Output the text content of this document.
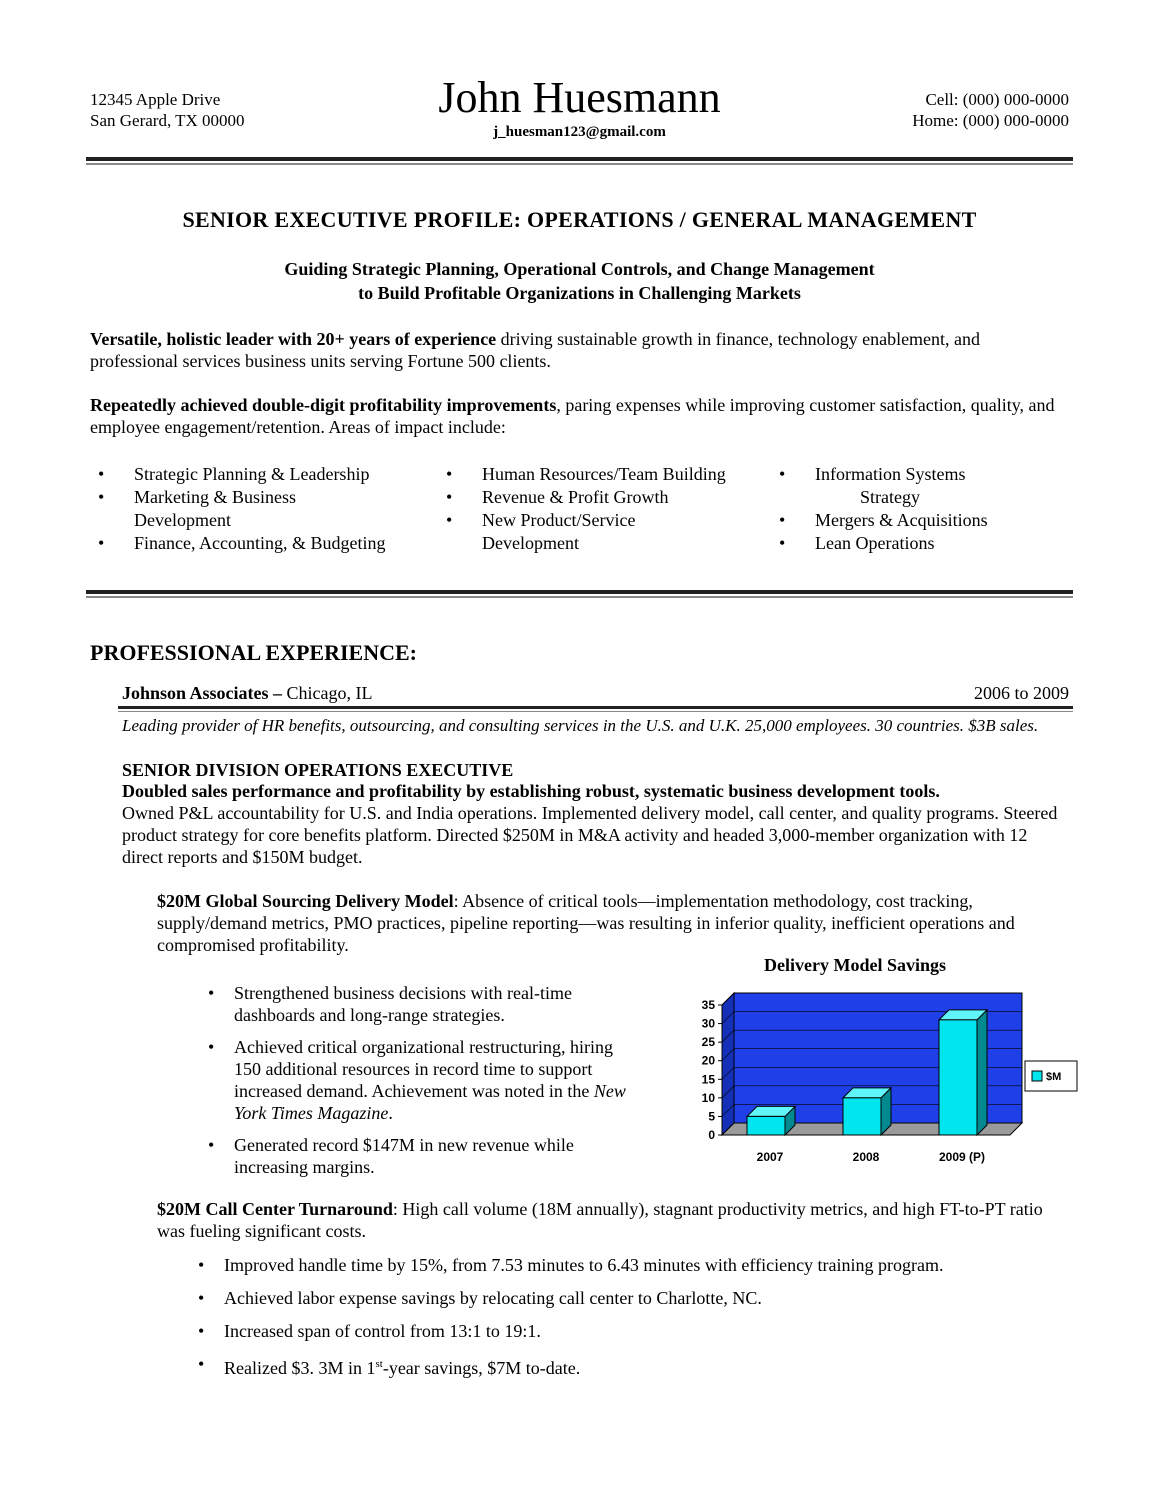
12345 Apple Drive
San Gerard, TX 00000	John Huesmann
j_huesman123@gmail.com
Cell: (000) 000-0000
Home: (000) 000-0000
SENIOR EXECUTIVE PROFILE: OPERATIONS / GENERAL MANAGEMENT
Guiding Strategic Planning, Operational Controls, and Change Management
to Build Profitable Organizations in Challenging Markets
Versatile, holistic leader with 20+ years of experience driving sustainable growth in finance, technology enablement, and professional services business units serving Fortune 500 clients.
Repeatedly achieved double-digit profitability improvements, paring expenses while improving customer satisfaction, quality, and employee engagement/retention. Areas of impact include:
• Strategic Planning & Leadership
• Marketing & Business Development
• Finance, Accounting, & Budgeting
• Human Resources/Team Building
• Revenue & Profit Growth
• New Product/Service Development
• Information Systems
Strategy
• Mergers & Acquisitions
• Lean Operations
PROFESSIONAL EXPERIENCE:
Johnson Associates – Chicago, IL	2006 to 2009
Leading provider of HR benefits, outsourcing, and consulting services in the U.S. and U.K. 25,000 employees. 30 countries. $3B sales.
SENIOR DIVISION OPERATIONS EXECUTIVE
Doubled sales performance and profitability by establishing robust, systematic business development tools.
Owned P&L accountability for U.S. and India operations. Implemented delivery model, call center, and quality programs. Steered product strategy for core benefits platform. Directed $250M in M&A activity and headed 3,000-member organization with 12 direct reports and $150M budget.
$20M Global Sourcing Delivery Model: Absence of critical tools—implementation methodology, cost tracking, supply/demand metrics, PMO practices, pipeline reporting—was resulting in inferior quality, inefficient operations and compromised profitability.
• Strengthened business decisions with real-time dashboards and long-range strategies.
• Achieved critical organizational restructuring, hiring 150 additional resources in record time to support increased demand. Achievement was noted in the New York Times Magazine.
• Generated record $147M in new revenue while increasing margins.
Delivery Model Savings
0
5
10
15
20
25
30
35
2007	2008	2009 (P)
$M
$20M Call Center Turnaround: High call volume (18M annually), stagnant productivity metrics, and high FT-to-PT ratio was fueling significant costs.
• Improved handle time by 15%, from 7.53 minutes to 6.43 minutes with efficiency training program.
• Achieved labor expense savings by relocating call center to Charlotte, NC.
• Increased span of control from 13:1 to 19:1.
• Realized $3. 3M in 1st-year savings, $7M to-date.
